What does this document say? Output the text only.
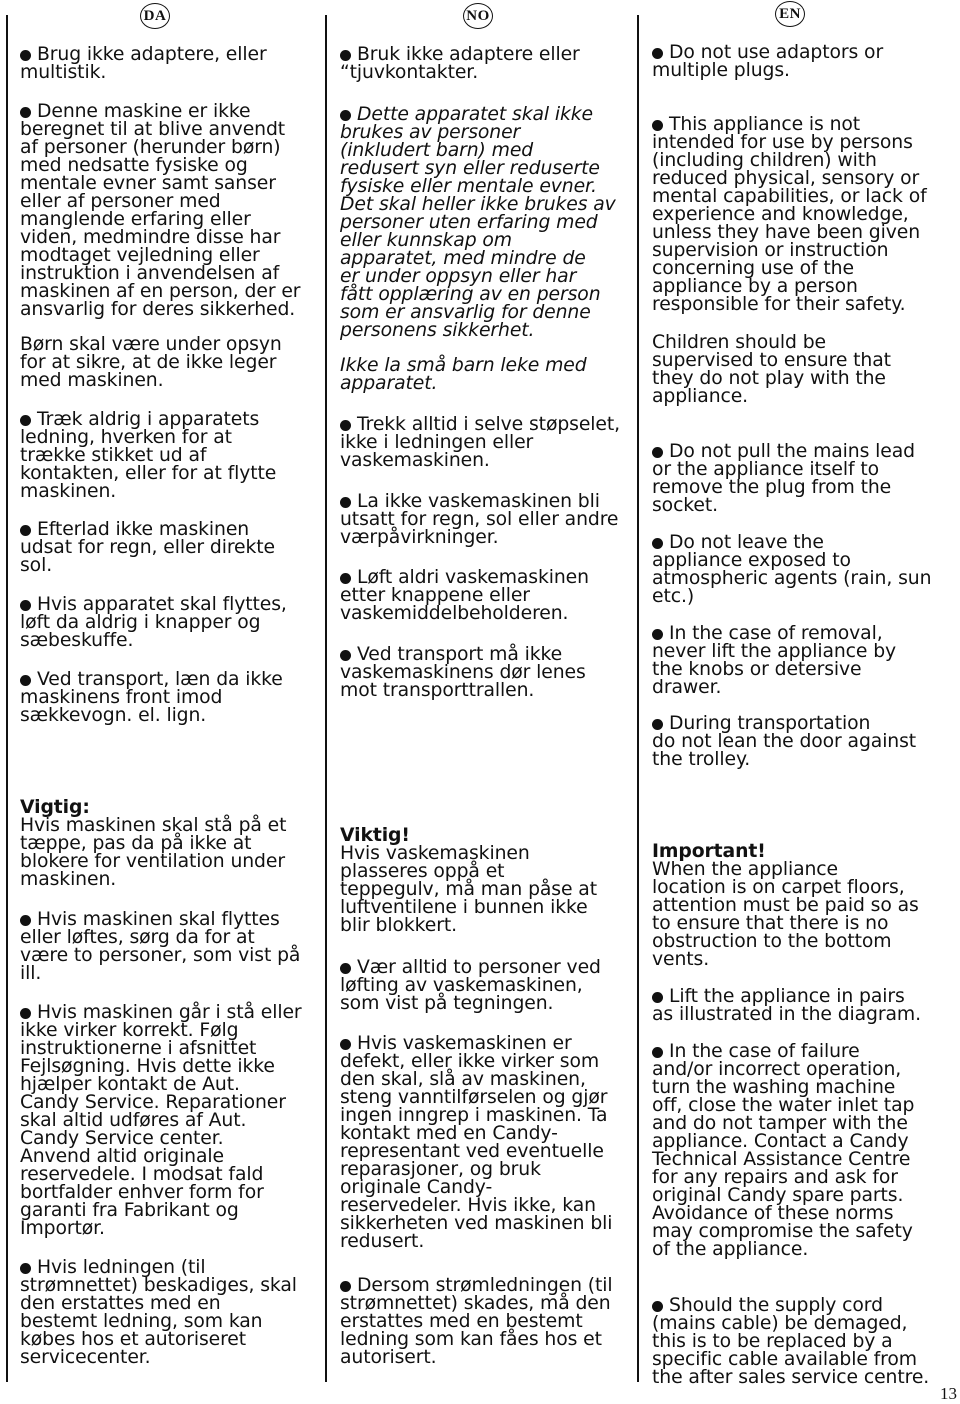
DA	NO	EN
Brug ikke adaptere, eller
multistik.
Denne maskine er ikke
beregnet til at blive anvendt
af personer (herunder børn)
med nedsatte fysiske og
mentale evner samt sanser
eller af personer med
manglende erfaring eller
viden, medmindre disse har
modtaget vejledning eller
instruktion i anvendelsen af
maskinen af en person, der er
ansvarlig for deres sikkerhed.
Børn skal være under opsyn
for at sikre, at de ikke leger
med maskinen.
Træk aldrig i apparatets
ledning, hverken for at
trække stikket ud af
kontakten, eller for at flytte
maskinen.
Efterlad ikke maskinen
udsat for regn, eller direkte
sol.
Hvis apparatet skal flyttes,
løft da aldrig i knapper og
sæbeskuffe.
Ved transport, læn da ikke
maskinens front imod
sækkevogn. el. lign.
Vigtig:
Hvis maskinen skal stå på et
tæppe, pas da på ikke at
blokere for ventilation under
maskinen.
Hvis maskinen skal flyttes
eller løftes, sørg da for at
være to personer, som vist på
ill.
Hvis maskinen går i stå eller
ikke virker korrekt. Følg
instruktionerne i afsnittet
Fejlsøgning. Hvis dette ikke
hjælper kontakt de Aut.
Candy Service. Reparationer
skal altid udføres af Aut.
Candy Service center.
Anvend altid originale
reservedele. I modsat fald
bortfalder enhver form for
garanti fra Fabrikant og
Importør.
Hvis ledningen (til
strømnettet) beskadiges, skal
den erstattes med en
bestemt ledning, som kan
købes hos et autoriseret
servicecenter.
Bruk ikke adaptere eller
“tjuvkontakter.
Dette apparatet skal ikke
brukes av personer
(inkludert barn) med
redusert syn eller reduserte
fysiske eller mentale evner.
Det skal heller ikke brukes av
personer uten erfaring med
eller kunnskap om
apparatet, med mindre de
er under oppsyn eller har
fått opplæring av en person
som er ansvarlig for denne
personens sikkerhet.
Ikke la små barn leke med
apparatet.
Trekk alltid i selve støpselet,
ikke i ledningen eller
vaskemaskinen.
La ikke vaskemaskinen bli
utsatt for regn, sol eller andre
værpåvirkninger.
Løft aldri vaskemaskinen
etter knappene eller
vaskemiddelbeholderen.
Ved transport må ikke
vaskemaskinens dør lenes
mot transporttrallen.
Viktig!
Hvis vaskemaskinen
plasseres oppå et
teppegulv, må man påse at
luftventilene i bunnen ikke
blir blokkert.
Vær alltid to personer ved
løfting av vaskemaskinen,
som vist på tegningen.
Hvis vaskemaskinen er
defekt, eller ikke virker som
den skal, slå av maskinen,
steng vanntilførselen og gjør
ingen inngrep i maskinen. Ta
kontakt med en Candy-
representant ved eventuelle
reparasjoner, og bruk
originale Candy-
reservedeler. Hvis ikke, kan
sikkerheten ved maskinen bli
redusert.
Dersom strømledningen (til
strømnettet) skades, må den
erstattes med en bestemt
ledning som kan fåes hos et
autorisert.
Do not use adaptors or
multiple plugs.
This appliance is not
intended for use by persons
(including children) with
reduced physical, sensory or
mental capabilities, or lack of
experience and knowledge,
unless they have been given
supervision or instruction
concerning use of the
appliance by a person
responsible for their safety.
Children should be
supervised to ensure that
they do not play with the
appliance.
Do not pull the mains lead
or the appliance itself to
remove the plug from the
socket.
Do not leave the
appliance exposed to
atmospheric agents (rain, sun
etc.)
In the case of removal,
never lift the appliance by
the knobs or detersive
drawer.
During transportation
do not lean the door against
the trolley.
Important!
When the appliance
location is on carpet floors,
attention must be paid so as
to ensure that there is no
obstruction to the bottom
vents.
Lift the appliance in pairs
as illustrated in the diagram.
In the case of failure
and/or incorrect operation,
turn the washing machine
off, close the water inlet tap
and do not tamper with the
appliance. Contact a Candy
Technical Assistance Centre
for any repairs and ask for
original Candy spare parts.
Avoidance of these norms
may compromise the safety
of the appliance.
Should the supply cord
(mains cable) be demaged,
this is to be replaced by a
specific cable available from
the after sales service centre.
13
